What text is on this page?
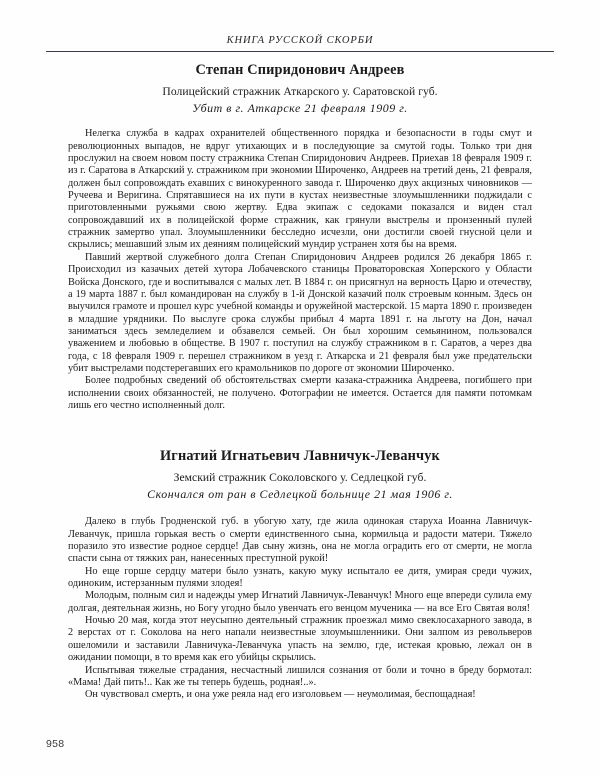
КНИГА РУССКОЙ СКОРБИ
Степан Спиридонович Андреев

Полицейский стражник Аткарского у. Саратовской губ.

Убит в г. Аткарске 21 февраля 1909 г.

Нелегка служба в кадрах охранителей общественного порядка и безопасности в годы смут и революционных выпадов, не вдруг утихающих и в последующие за смутой годы. Только три дня прослужил на своем новом посту стражника Степан Спиридонович Андреев. Приехав 18 февраля 1909 г. из г. Саратова в Аткарский у. стражником при экономии Широченко, Андреев на третий день, 21 февраля, должен был сопровождать ехавших с винокуренного завода г. Широченко двух акцизных чиновников — Ручеева и Веригина. Спрятавшиеся на их пути в кустах неизвестные злоумышленники поджидали с приготовленными ружьями свою жертву. Едва экипаж с седоками показался и виден стал сопровождавший их в полицейской форме стражник, как грянули выстрелы и пронзенный пулей стражник замертво упал. Злоумышленники бесследно исчезли, они достигли своей гнусной цели и скрылись; мешавший злым их деяниям полицейский мундир устранен хотя бы на время.

Павший жертвой служебного долга Степан Спиридонович Андреев родился 26 декабря 1865 г. Происходил из казачьих детей хутора Лобачевского станицы Проваторовская Хоперского у Области Войска Донского, где и воспитывался с малых лет. В 1884 г. он присягнул на верность Царю и отечеству, а 19 марта 1887 г. был командирован на службу в 1-й Донской казачий полк строевым конным. Здесь он выучился грамоте и прошел курс учебной команды и оружейной мастерской. 15 марта 1890 г. произведен в младшие урядники. По выслуге срока службы прибыл 4 марта 1891 г. на льготу на Дон, начал заниматься здесь земледелием и обзавелся семьей. Он был хорошим семьянином, пользовался уважением и любовью в обществе. В 1907 г. поступил на службу стражником в г. Саратов, а через два года, с 18 февраля 1909 г. перешел стражником в уезд г. Аткарска и 21 февраля был уже предательски убит выстрелами подстерегавших его крамольников по дороге от экономии Широченко.

Более подробных сведений об обстоятельствах смерти казака-стражника Андреева, погибшего при исполнении своих обязанностей, не получено. Фотографии не имеется. Остается для памяти потомкам лишь его честно исполненный долг.

Игнатий Игнатьевич Лавничук-Леванчук

Земский стражник Соколовского у. Седлецкой губ.

Скончался от ран в Седлецкой больнице 21 мая 1906 г.

Далеко в глубь Гродненской губ. в убогую хату, где жила одинокая старуха Иоанна Лавничук-Леванчук, пришла горькая весть о смерти единственного сына, кормильца и радости матери. Тяжело поразило это известие родное сердце! Дав сыну жизнь, она не могла оградить его от смерти, не могла спасти сына от тяжких ран, нанесенных преступной рукой!

Но еще горше сердцу матери было узнать, какую муку испытало ее дитя, умирая среди чужих, одиноким, истерзанным пулями злодея!

Молодым, полным сил и надежды умер Игнатий Лавничук-Леванчук! Много еще впереди сулила ему долгая, деятельная жизнь, но Богу угодно было увенчать его венцом мученика — на все Его Святая воля!

Ночью 20 мая, когда этот неусыпно деятельный стражник проезжал мимо свеклосахарного завода, в 2 верстах от г. Соколова на него напали неизвестные злоумышленники. Они залпом из револьверов ошеломили и заставили Лавничука-Леванчука упасть на землю, где, истекая кровью, лежал он в ожидании помощи, в то время как его убийцы скрылись.

Испытывая тяжелые страдания, несчастный лишился сознания от боли и точно в бреду бормотал: «Мама! Дай пить!.. Как же ты теперь будешь, родная!..».

Он чувствовал смерть, и она уже реяла над его изголовьем — неумолимая, беспощадная!

958
